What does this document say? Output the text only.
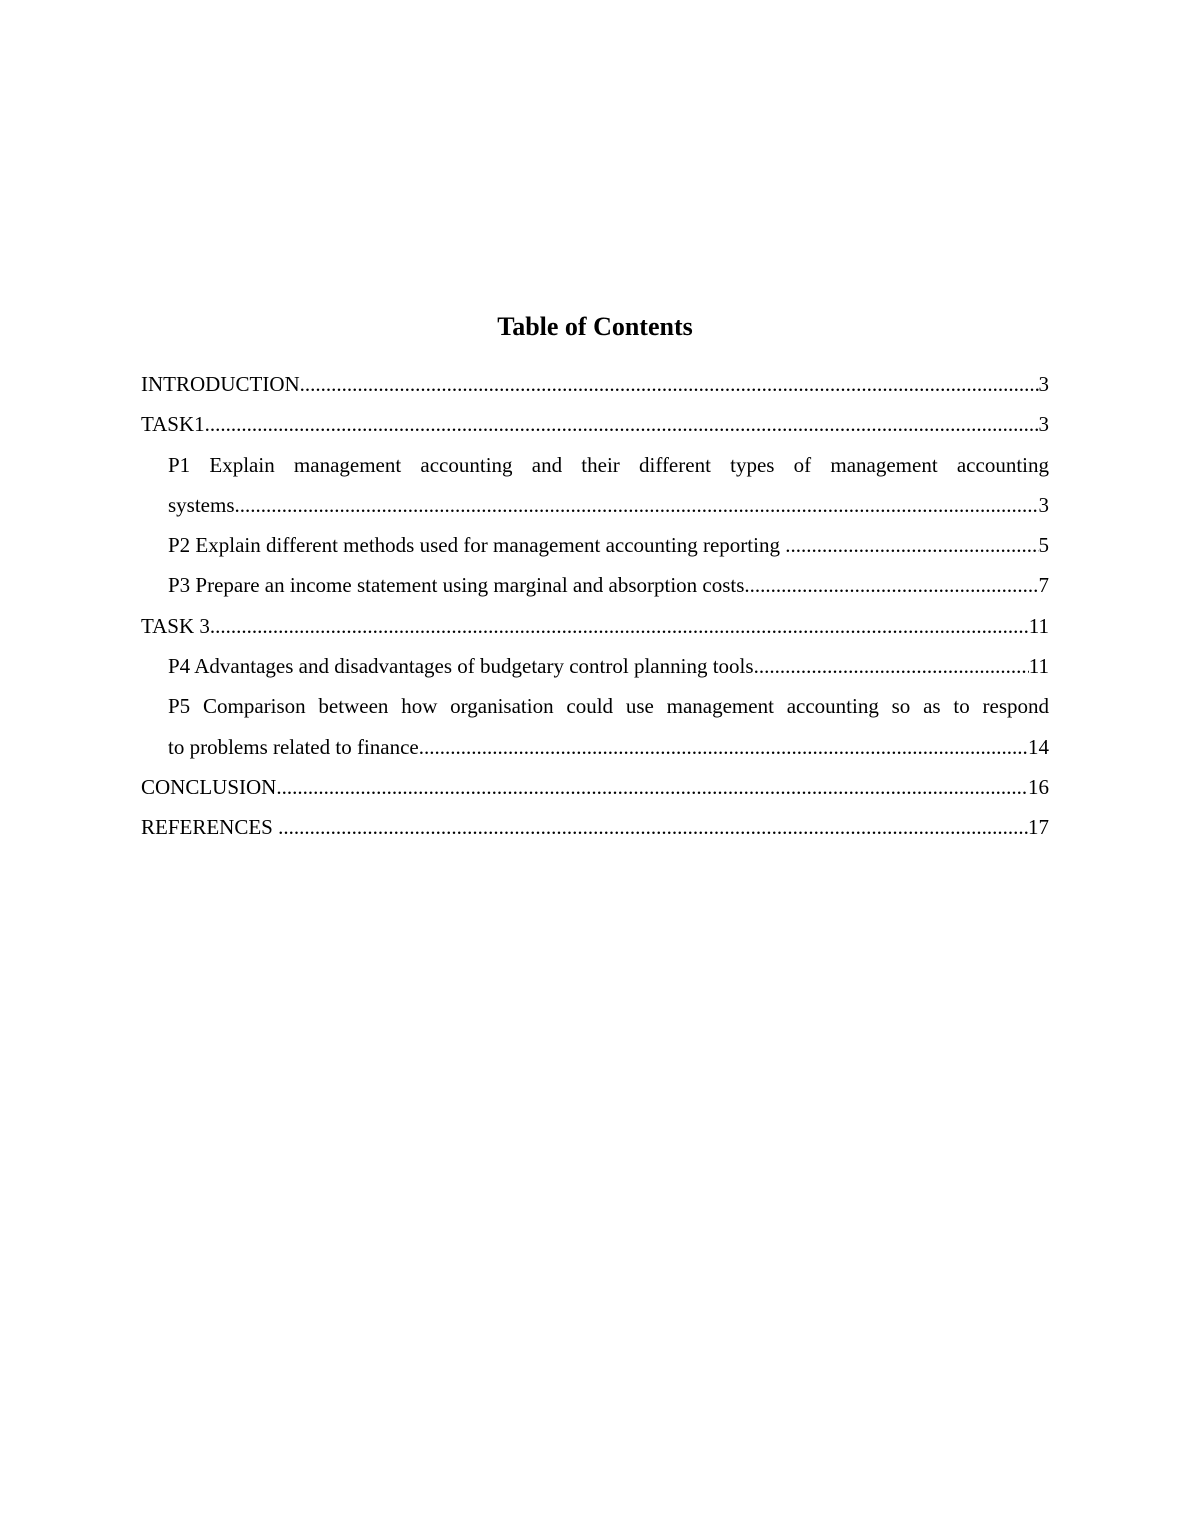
Table of Contents
INTRODUCTION .....	3
TASK1 .....	3
P1 Explain management accounting and their different types of management accounting
systems .....	3
P2 Explain different methods used for management accounting reporting .....	5
P3 Prepare an income statement using marginal and absorption costs .....	7
TASK 3 .....	11
P4 Advantages and disadvantages of budgetary control planning tools .....	11
P5 Comparison between how organisation could use management accounting so as to respond
to problems related to finance .....	14
CONCLUSION .....	16
REFERENCES .....	17
